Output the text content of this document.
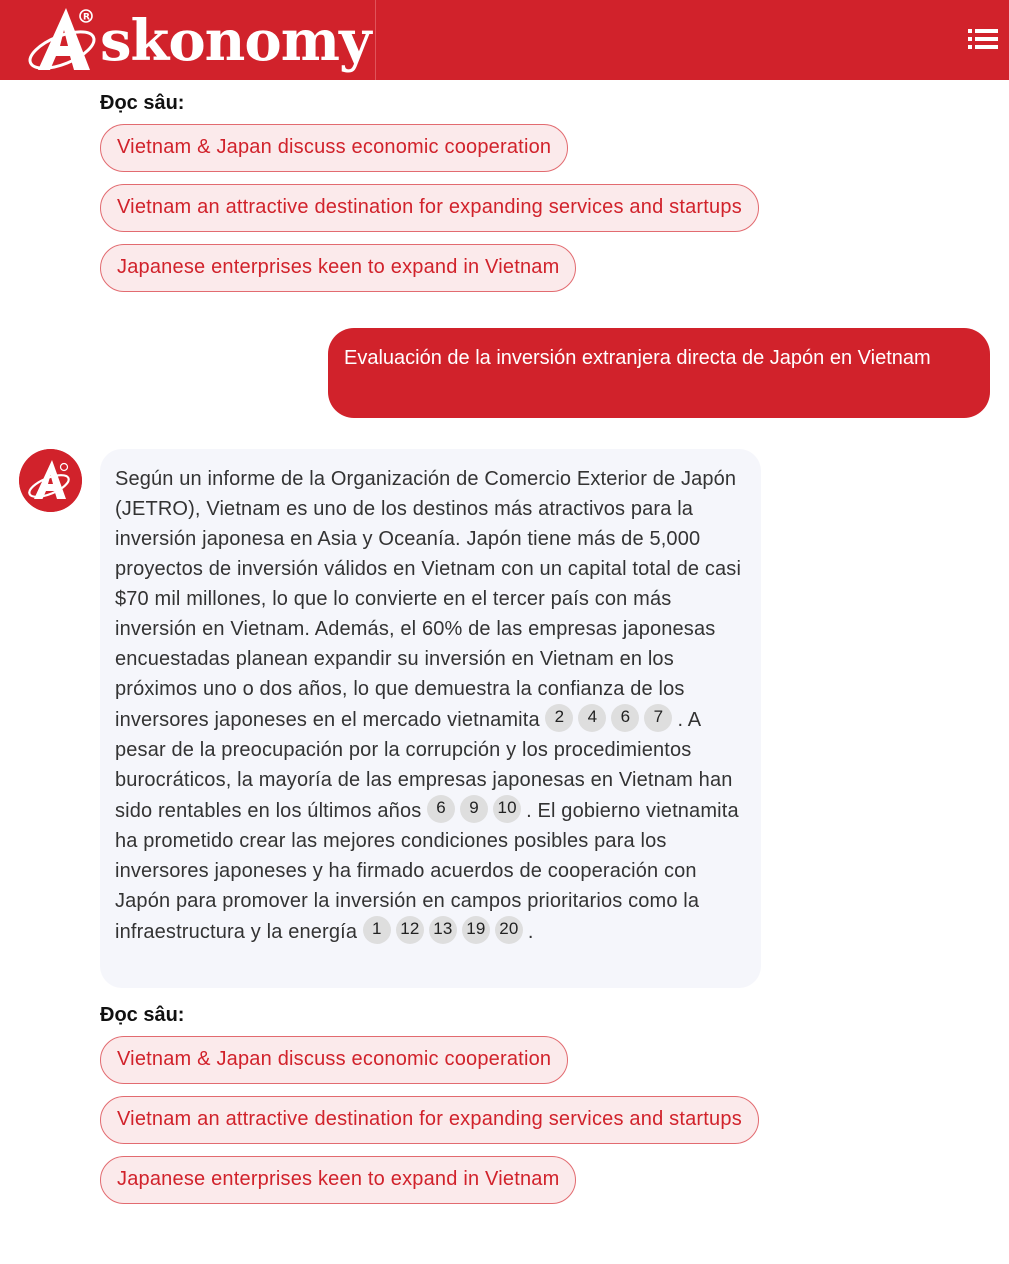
R skonomy
Đọc sâu:
Vietnam & Japan discuss economic cooperation
Vietnam an attractive destination for expanding services and startups
Japanese enterprises keen to expand in Vietnam
Evaluación de la inversión extranjera directa de Japón en Vietnam
Según un informe de la Organización de Comercio Exterior de Japón (JETRO), Vietnam es uno de los destinos más atractivos para la inversión japonesa en Asia y Oceanía. Japón tiene más de 5,000 proyectos de inversión válidos en Vietnam con un capital total de casi $70 mil millones, lo que lo convierte en el tercer país con más inversión en Vietnam. Además, el 60% de las empresas japonesas encuestadas planean expandir su inversión en Vietnam en los próximos uno o dos años, lo que demuestra la confianza de los inversores japoneses en el mercado vietnamita 2 4 6 7 . A pesar de la preocupación por la corrupción y los procedimientos burocráticos, la mayoría de las empresas japonesas en Vietnam han sido rentables en los últimos años 6 9 10 . El gobierno vietnamita ha prometido crear las mejores condiciones posibles para los inversores japoneses y ha firmado acuerdos de cooperación con Japón para promover la inversión en campos prioritarios como la infraestructura y la energía 1 12 13 19 20 .
Đọc sâu:
Vietnam & Japan discuss economic cooperation
Vietnam an attractive destination for expanding services and startups
Japanese enterprises keen to expand in Vietnam
